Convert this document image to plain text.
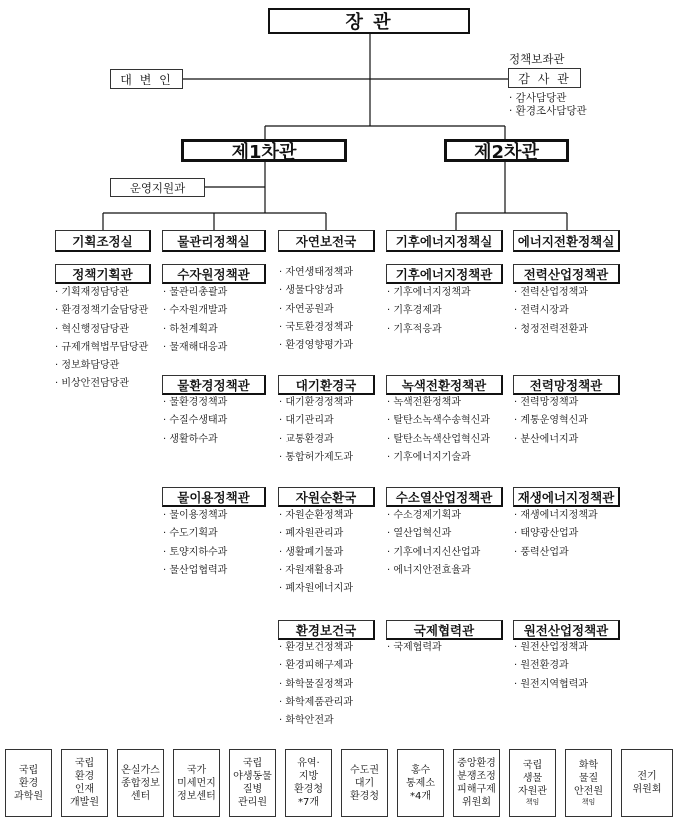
장 관
정책보좌관
감 사 관
· 감사담당관
· 환경조사담당관
대 변 인
제1차관	제2차관
운영지원과
기획조정실	물관리정책실	자연보전국	기후에너지정책실	에너지전환정책실
정책기획관
· 기획재정담당관
· 환경정책기술담당관
· 혁신행정담당관
· 규제개혁법무담당관
· 정보화담당관
· 비상안전담당관
수자원정책관
· 물관리총괄과
· 수자원개발과
· 하천계획과
· 물재해대응과
· 자연생태정책과
· 생물다양성과
· 자연공원과
· 국토환경정책과
· 환경영향평가과
기후에너지정책관
· 기후에너지정책과
· 기후경제과
· 기후적응과
전력산업정책관
· 전력산업정책과
· 전력시장과
· 청정전력전환과
물환경정책관
· 물환경정책과
· 수질수생태과
· 생활하수과
대기환경국
· 대기환경정책과
· 대기관리과
· 교통환경과
· 통합허가제도과
녹색전환정책관
· 녹색전환정책과
· 탈탄소녹색수송혁신과
· 탈탄소녹색산업혁신과
· 기후에너지기술과
전력망정책관
· 전력망정책과
· 계통운영혁신과
· 분산에너지과
물이용정책관
· 물이용정책과
· 수도기획과
· 토양지하수과
· 물산업협력과
자원순환국
· 자원순환정책과
· 폐자원관리과
· 생활폐기물과
· 자원재활용과
· 폐자원에너지과
수소열산업정책관
· 수소경제기획과
· 열산업혁신과
· 기후에너지신산업과
· 에너지안전효율과
재생에너지정책관
· 재생에너지정책과
· 태양광산업과
· 풍력산업과
환경보건국
· 환경보건정책과
· 환경피해구제과
· 화학물질정책과
· 화학제품관리과
· 화학안전과
국제협력관
· 국제협력과
원전산업정책관
· 원전산업정책과
· 원전환경과
· 원전지역협력과
국립
환경
과학원
국립
환경
인재
개발원
온실가스
종합정보
센터
국가
미세먼지
정보센터
국립
야생동물
질병
관리원
유역·
지방
환경청
*7개
수도권
대기
환경청
홍수
통제소
*4개
중앙환경
분쟁조정
피해구제
위원회
국립
생물
자원관
책임
화학
물질
안전원
책임
전기
위원회
